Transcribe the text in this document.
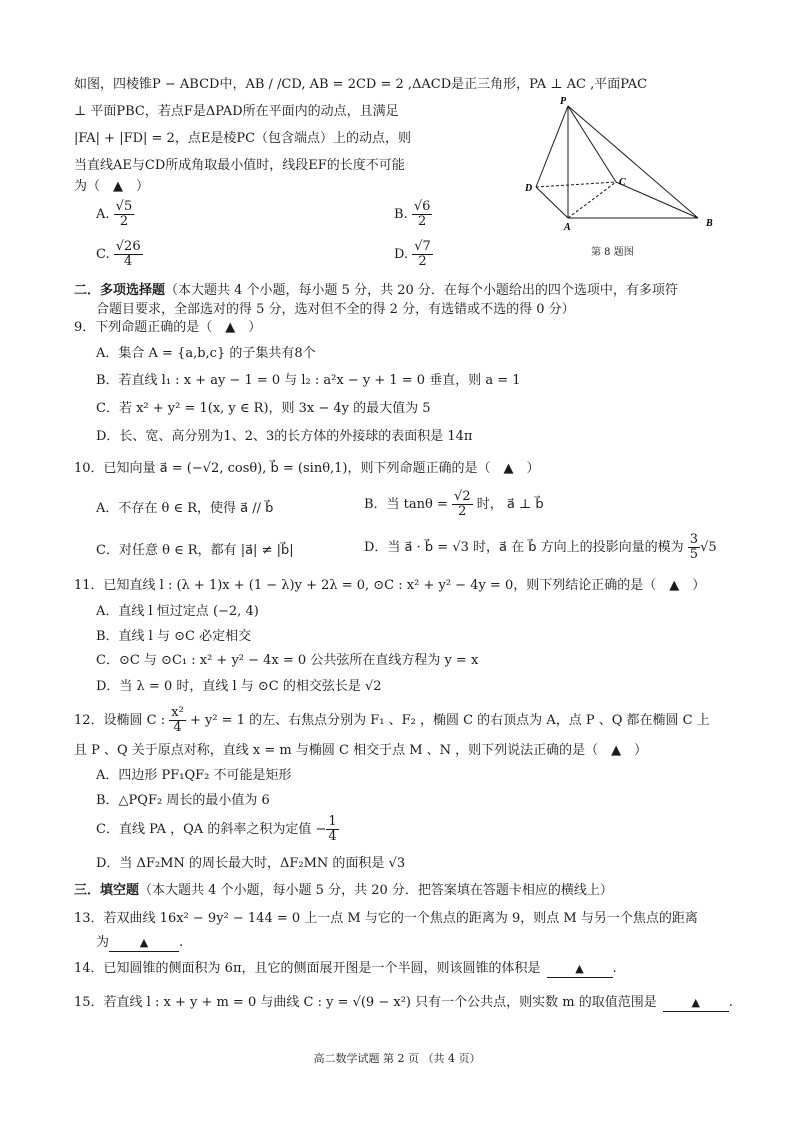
如图，四棱锥P − ABCD中，AB / /CD, AB = 2CD = 2 ,ΔACD是正三角形，PA ⊥ AC ,平面PAC
⊥ 平面PBC，若点F是ΔPAD所在平面内的动点，且满足
|FA| + |FD| = 2，点E是棱PC（包含端点）上的动点，则
当直线AE与CD所成角取最小值时，线段EF的长度不可能
为（　▲　）
A. $\frac{√5}{2}$	B. $\frac{√6}{2}$
C. $\frac{√26}{4}$	D. $\frac{√7}{2}$
P
D
C
A	B
第 8 题图
二．多项选择题（本大题共 4 个小题，每小题 5 分，共 20 分．在每个小题给出的四个选项中，有多项符
合题目要求，全部选对的得 5 分，选对但不全的得 2 分，有选错或不选的得 0 分）
9．下列命题正确的是（　▲　）
A．集合 A = {a,b,c} 的子集共有8个
B．若直线 l₁ : x + ay − 1 = 0 与 l₂ : a²x − y + 1 = 0 垂直，则 a = 1
C．若 x² + y² = 1(x, y ∈ R)，则 3x − 4y 的最大值为 5
D．长、宽、高分别为1、2、3的长方体的外接球的表面积是 14π
10．已知向量 a⃗ = (−√2, cosθ), b⃗ = (sinθ,1)，则下列命题正确的是（　▲　）
A．不存在 θ ∈ R，使得 a⃗ // b⃗	B．当 $\tan\theta = \frac{√2}{2}$ 时， a⃗ ⊥ b⃗
C．对任意 θ ∈ R，都有 |a⃗| ≠ |b⃗|	D．当 a⃗ · b⃗ = √3 时，a⃗ 在 b⃗ 方向上的投影向量的模为 $\frac{3}{5} √5$
11．已知直线 l : (λ + 1)x + (1 − λ)y + 2λ = 0, ⊙C : x² + y² − 4y = 0，则下列结论正确的是（　▲　）
A．直线 l 恒过定点 (−2, 4)
B．直线 l 与 ⊙C 必定相交
C．⊙C 与 ⊙C₁ : x² + y² − 4x = 0 公共弦所在直线方程为 y = x
D．当 λ = 0 时，直线 l 与 ⊙C 的相交弦长是 √2
12．设椭圆 C : $\frac{\text{x²}}{4} + y^2 = 1$ 的左、右焦点分别为 F₁ 、F₂ ，椭圆 C 的右顶点为 A，点 P 、Q 都在椭圆 C 上
且 P 、Q 关于原点对称，直线 x = m 与椭圆 C 相交于点 M 、N ，则下列说法正确的是（　▲　）
A．四边形 PF₁QF₂ 不可能是矩形
B．△PQF₂ 周长的最小值为 6
C．直线 PA ，QA 的斜率之积为定值 − $\frac{1}{4}$
D．当 ΔF₂MN 的周长最大时，ΔF₂MN 的面积是 √3
三．填空题（本大题共 4 个小题，每小题 5 分，共 20 分．把答案填在答题卡相应的横线上）
13．若双曲线 16x² − 9y² − 144 = 0 上一点 M 与它的一个焦点的距离为 9，则点 M 与另一个焦点的距离
为	▲ .
14．已知圆锥的侧面积为 6π，且它的侧面展开图是一个半圆，则该圆锥的体积是	▲ .
15．若直线 l : x + y + m = 0 与曲线 C : y = √(9 − x²) 只有一个公共点，则实数 m 的取值范围是	▲ .
高二数学试题 第 2 页 （共 4 页）
